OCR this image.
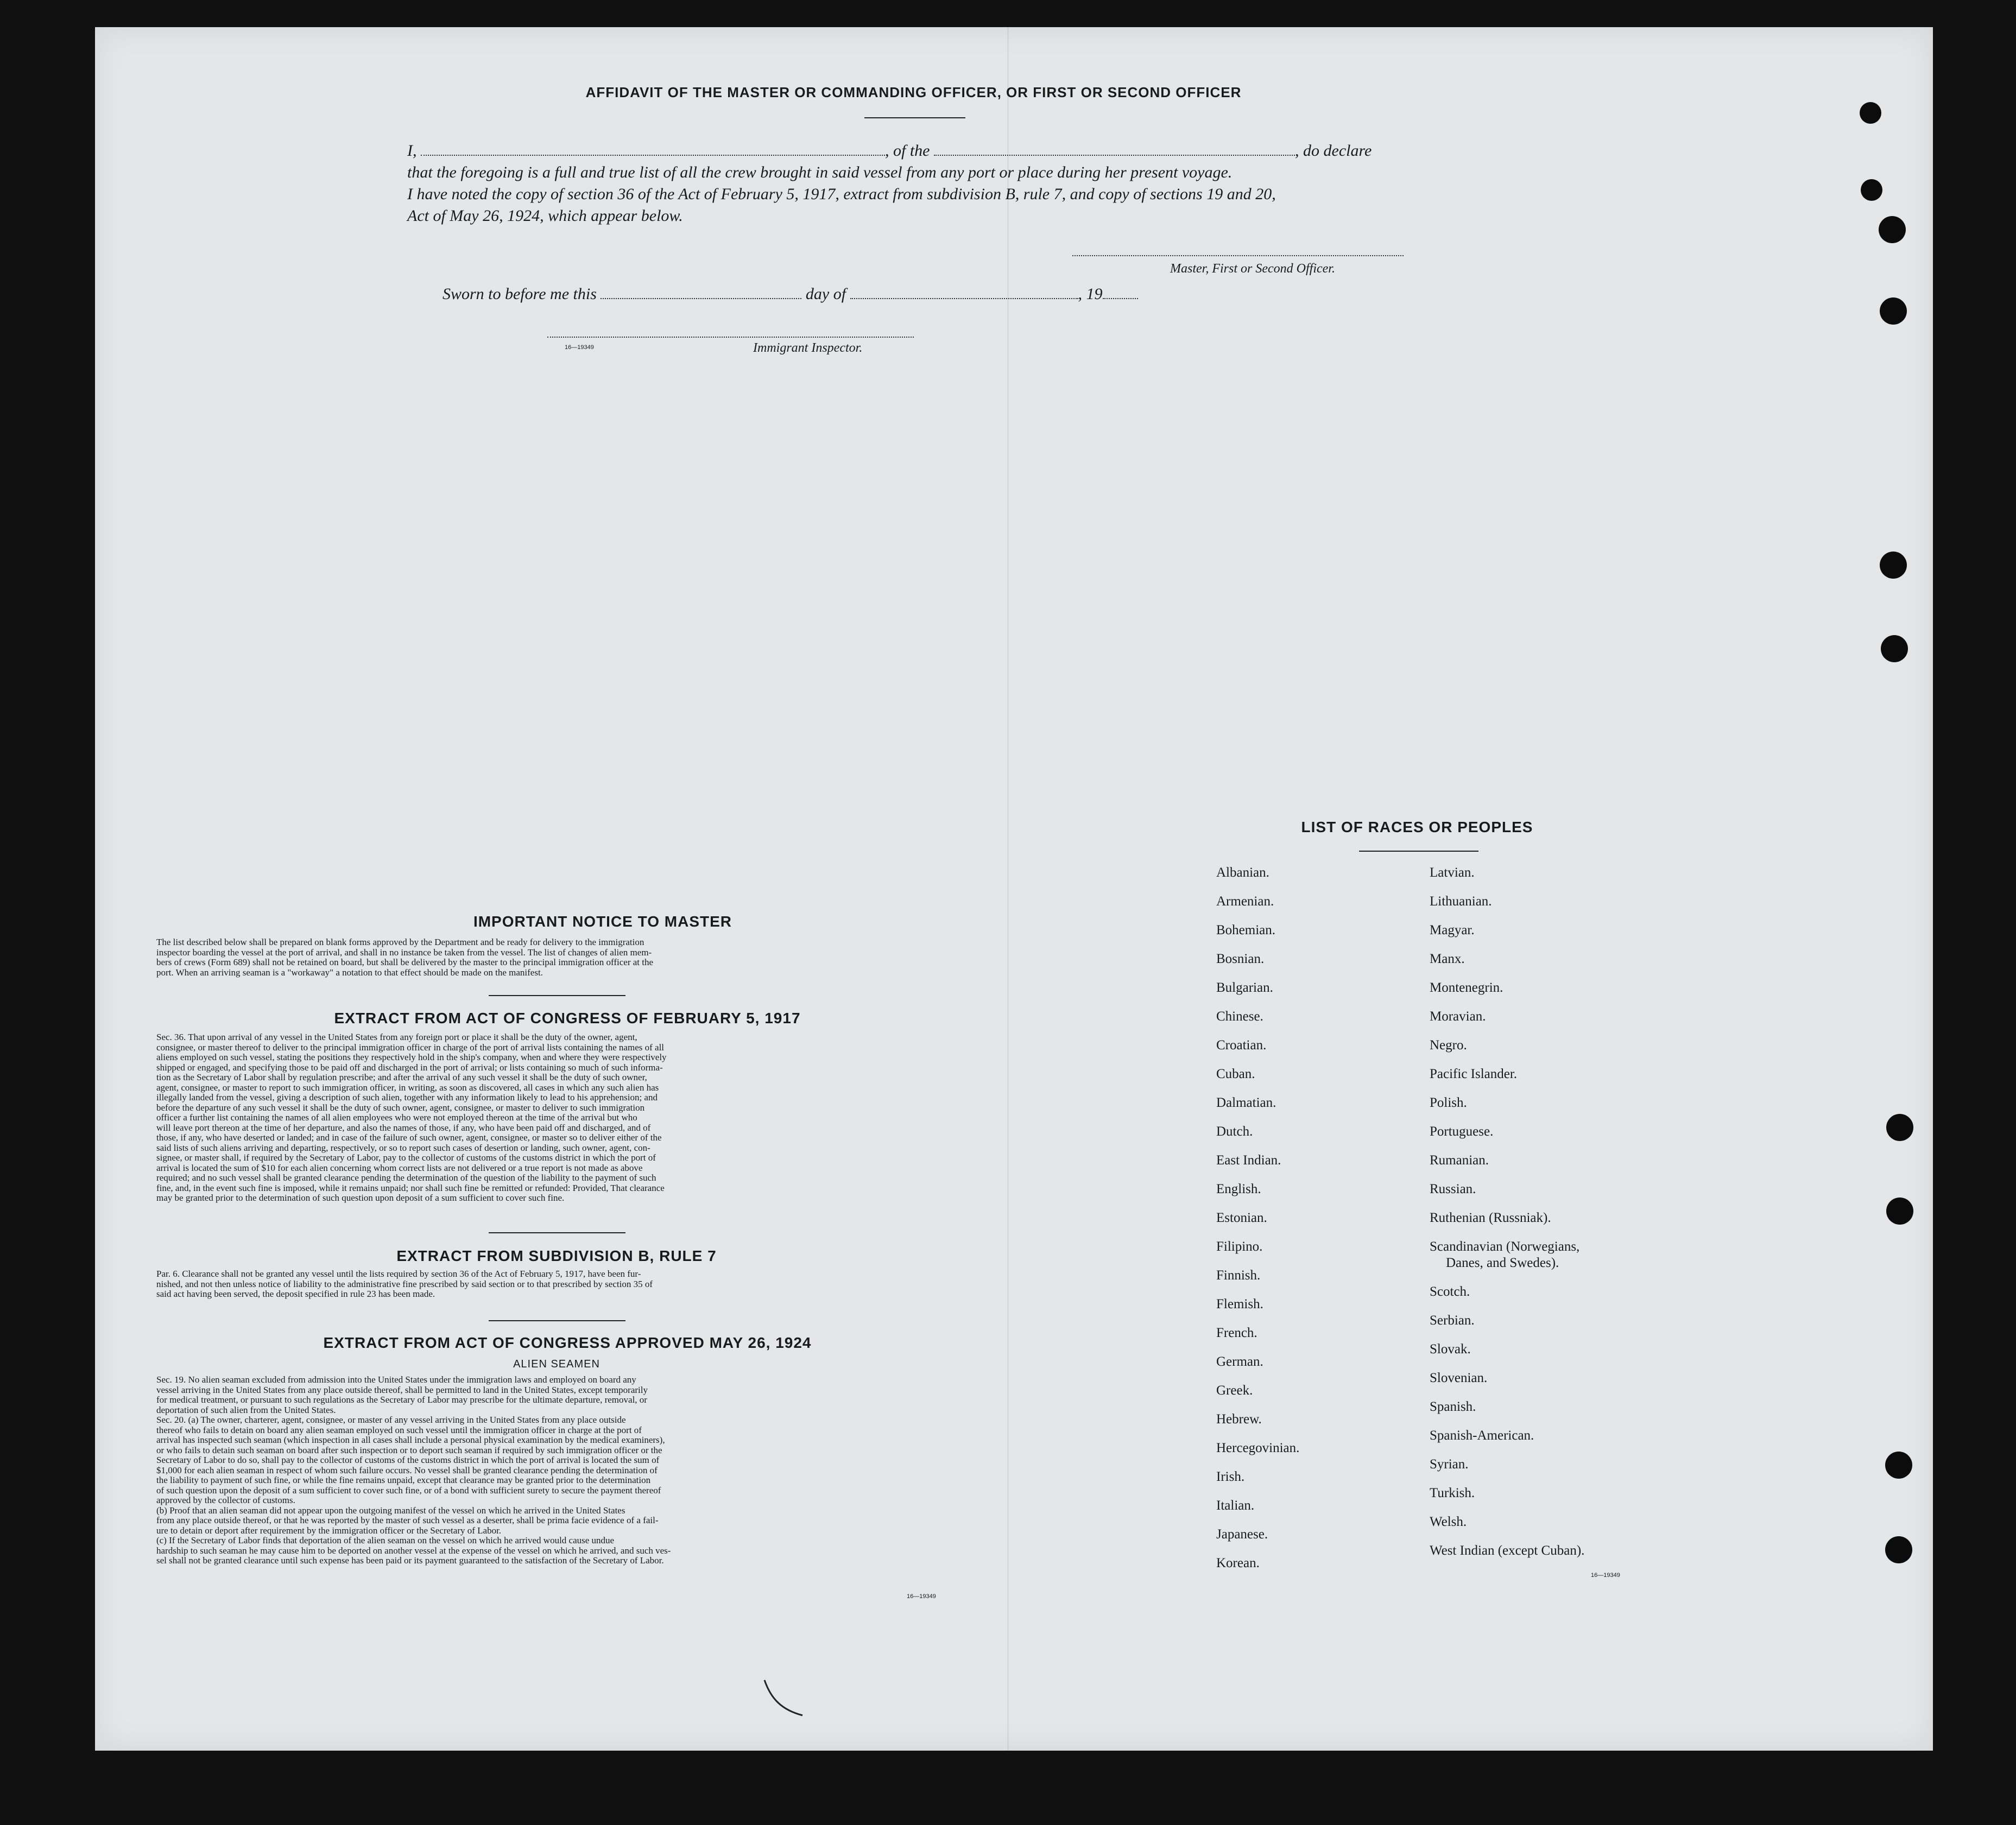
AFFIDAVIT OF THE MASTER OR COMMANDING OFFICER, OR FIRST OR SECOND OFFICER

I,	, of the	, do declare

that the foregoing is a full and true list of all the crew brought in said vessel from any port or place during her present voyage.

I have noted the copy of section 36 of the Act of February 5, 1917, extract from subdivision B, rule 7, and copy of sections 19 and 20,

Act of May 26, 1924, which appear below.

Master, First or Second Officer.
Sworn to before me this	day of	, 19
16—19349	Immigrant Inspector.
IMPORTANT NOTICE TO MASTER
The list described below shall be prepared on blank forms approved by the Department and be ready for delivery to the immigration
inspector boarding the vessel at the port of arrival, and shall in no instance be taken from the vessel. The list of changes of alien mem-
bers of crews (Form 689) shall not be retained on board, but shall be delivered by the master to the principal immigration officer at the
port. When an arriving seaman is a "workaway" a notation to that effect should be made on the manifest.
EXTRACT FROM ACT OF CONGRESS OF FEBRUARY 5, 1917
Sec. 36. That upon arrival of any vessel in the United States from any foreign port or place it shall be the duty of the owner, agent,
consignee, or master thereof to deliver to the principal immigration officer in charge of the port of arrival lists containing the names of all
aliens employed on such vessel, stating the positions they respectively hold in the ship's company, when and where they were respectively
shipped or engaged, and specifying those to be paid off and discharged in the port of arrival; or lists containing so much of such informa-
tion as the Secretary of Labor shall by regulation prescribe; and after the arrival of any such vessel it shall be the duty of such owner,
agent, consignee, or master to report to such immigration officer, in writing, as soon as discovered, all cases in which any such alien has
illegally landed from the vessel, giving a description of such alien, together with any information likely to lead to his apprehension; and
before the departure of any such vessel it shall be the duty of such owner, agent, consignee, or master to deliver to such immigration
officer a further list containing the names of all alien employees who were not employed thereon at the time of the arrival but who
will leave port thereon at the time of her departure, and also the names of those, if any, who have been paid off and discharged, and of
those, if any, who have deserted or landed; and in case of the failure of such owner, agent, consignee, or master so to deliver either of the
said lists of such aliens arriving and departing, respectively, or so to report such cases of desertion or landing, such owner, agent, con-
signee, or master shall, if required by the Secretary of Labor, pay to the collector of customs of the customs district in which the port of
arrival is located the sum of $10 for each alien concerning whom correct lists are not delivered or a true report is not made as above
required; and no such vessel shall be granted clearance pending the determination of the question of the liability to the payment of such
fine, and, in the event such fine is imposed, while it remains unpaid; nor shall such fine be remitted or refunded: Provided, That clearance
may be granted prior to the determination of such question upon deposit of a sum sufficient to cover such fine.
EXTRACT FROM SUBDIVISION B, RULE 7
Par. 6. Clearance shall not be granted any vessel until the lists required by section 36 of the Act of February 5, 1917, have been fur-
nished, and not then unless notice of liability to the administrative fine prescribed by said section or to that prescribed by section 35 of
said act having been served, the deposit specified in rule 23 has been made.
EXTRACT FROM ACT OF CONGRESS APPROVED MAY 26, 1924
ALIEN SEAMEN
Sec. 19. No alien seaman excluded from admission into the United States under the immigration laws and employed on board any
vessel arriving in the United States from any place outside thereof, shall be permitted to land in the United States, except temporarily
for medical treatment, or pursuant to such regulations as the Secretary of Labor may prescribe for the ultimate departure, removal, or
deportation of such alien from the United States.
Sec. 20. (a) The owner, charterer, agent, consignee, or master of any vessel arriving in the United States from any place outside
thereof who fails to detain on board any alien seaman employed on such vessel until the immigration officer in charge at the port of
arrival has inspected such seaman (which inspection in all cases shall include a personal physical examination by the medical examiners),
or who fails to detain such seaman on board after such inspection or to deport such seaman if required by such immigration officer or the
Secretary of Labor to do so, shall pay to the collector of customs of the customs district in which the port of arrival is located the sum of
$1,000 for each alien seaman in respect of whom such failure occurs. No vessel shall be granted clearance pending the determination of
the liability to payment of such fine, or while the fine remains unpaid, except that clearance may be granted prior to the determination
of such question upon the deposit of a sum sufficient to cover such fine, or of a bond with sufficient surety to secure the payment thereof
approved by the collector of customs.
(b) Proof that an alien seaman did not appear upon the outgoing manifest of the vessel on which he arrived in the United States
from any place outside thereof, or that he was reported by the master of such vessel as a deserter, shall be prima facie evidence of a fail-
ure to detain or deport after requirement by the immigration officer or the Secretary of Labor.
(c) If the Secretary of Labor finds that deportation of the alien seaman on the vessel on which he arrived would cause undue
hardship to such seaman he may cause him to be deported on another vessel at the expense of the vessel on which he arrived, and such ves-
sel shall not be granted clearance until such expense has been paid or its payment guaranteed to the satisfaction of the Secretary of Labor.
16—19349
LIST OF RACES OR PEOPLES
Albanian.
Armenian.
Bohemian.
Bosnian.
Bulgarian.
Chinese.
Croatian.
Cuban.
Dalmatian.
Dutch.
East Indian.
English.
Estonian.
Filipino.
Finnish.
Flemish.
French.
German.
Greek.
Hebrew.
Hercegovinian.
Irish.
Italian.
Japanese.
Korean.
Latvian.
Lithuanian.
Magyar.
Manx.
Montenegrin.
Moravian.
Negro.
Pacific Islander.
Polish.
Portuguese.
Rumanian.
Russian.
Ruthenian (Russniak).
Scandinavian (Norwegians,
Danes, and Swedes).
Scotch.
Serbian.
Slovak.
Slovenian.
Spanish.
Spanish-American.
Syrian.
Turkish.
Welsh.
West Indian (except Cuban).
16—19349
